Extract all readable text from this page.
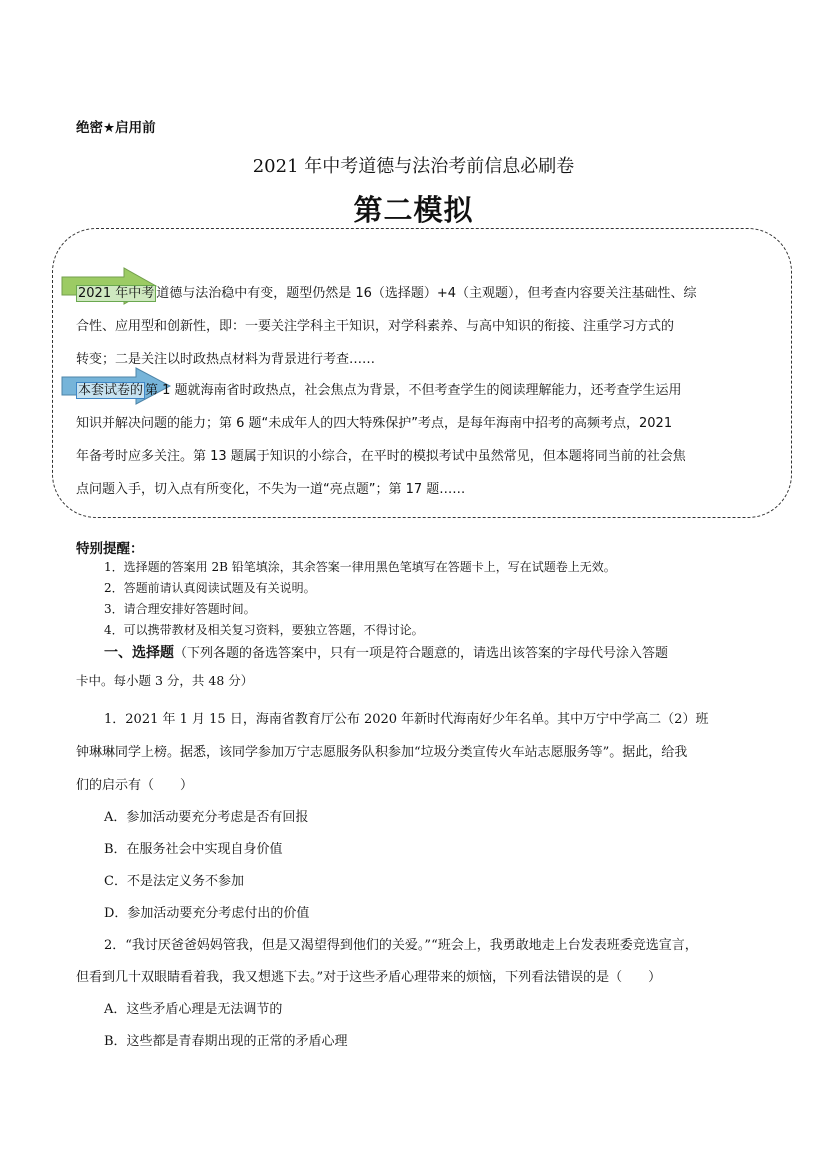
绝密★启用前
2021 年中考道德与法治考前信息必刷卷
第二模拟
2021 年中考 道德与法治稳中有变，题型仍然是 16（选择题）+4（主观题），但考查内容要关注基础性、综
合性、应用型和创新性，即：一要关注学科主干知识，对学科素养、与高中知识的衔接、注重学习方式的
转变；二是关注以时政热点材料为背景进行考查……
本套试卷的 第 1 题就海南省时政热点，社会焦点为背景，不但考查学生的阅读理解能力，还考查学生运用
知识并解决问题的能力；第 6 题“未成年人的四大特殊保护”考点，是每年海南中招考的高频考点，2021
年备考时应多关注。第 13 题属于知识的小综合，在平时的模拟考试中虽然常见，但本题将同当前的社会焦
点问题入手，切入点有所变化，不失为一道“亮点题”；第 17 题……
特别提醒：
1．选择题的答案用 2B 铅笔填涂，其余答案一律用黑色笔填写在答题卡上，写在试题卷上无效。
2．答题前请认真阅读试题及有关说明。
3．请合理安排好答题时间。
4．可以携带教材及相关复习资料，要独立答题，不得讨论。
一、选择题（下列各题的备选答案中，只有一项是符合题意的，请选出该答案的字母代号涂入答题
卡中。每小题 3 分，共 48 分）
1．2021 年 1 月 15 日，海南省教育厅公布 2020 年新时代海南好少年名单。其中万宁中学高二（2）班
钟琳琳同学上榜。据悉，该同学参加万宁志愿服务队积参加“垃圾分类宣传火车站志愿服务等”。据此，给我
们的启示有（　　）
A．参加活动要充分考虑是否有回报
B．在服务社会中实现自身价值
C．不是法定义务不参加
D．参加活动要充分考虑付出的价值
2．“我讨厌爸爸妈妈管我，但是又渴望得到他们的关爱。”“班会上，我勇敢地走上台发表班委竞选宣言，
但看到几十双眼睛看着我，我又想逃下去。”对于这些矛盾心理带来的烦恼，下列看法错误的是（　　）
A．这些矛盾心理是无法调节的
B．这些都是青春期出现的正常的矛盾心理
